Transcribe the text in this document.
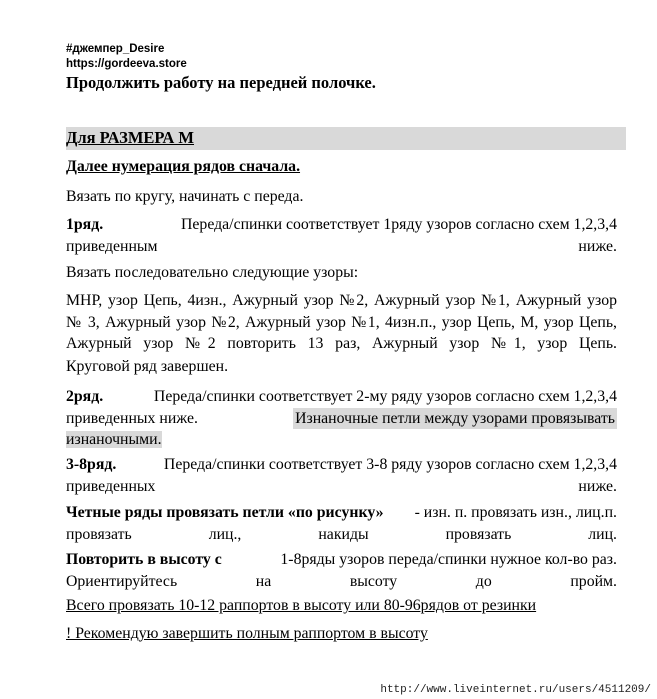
#джемпер_Desire
https://gordeeva.store
Продолжить работу на передней полочке.
Для РАЗМЕРА М
Далее нумерация рядов сначала.
Вязать по кругу, начинать с переда.
1ряд.	Переда/спинки соответствует 1ряду узоров согласно схем 1,2,3,4
приведенным ниже.
Вязать последовательно следующие узоры:
МНР, узор Цепь, 4изн., Ажурный узор №2, Ажурный узор №1, Ажурный узор
№ 3, Ажурный узор №2, Ажурный узор №1, 4изн.п., узор Цепь, М, узор Цепь,
Ажурный узор №2 повторить 13 раз, Ажурный узор №1, узор Цепь.
Круговой ряд завершен.
2ряд.	Переда/спинки соответствует 2-му ряду узоров согласно схем 1,2,3,4
приведенных ниже.	Изнаночные петли между узорами провязывать
изнаночными.
3-8ряд.	Переда/спинки соответствует 3-8 ряду узоров согласно схем 1,2,3,4
приведенных ниже.
Четные ряды провязать петли «по рисунку» - изн. п. провязать изн., лиц.п.
провязать лиц., накиды провязать лиц.
Повторить в высоту с	1-8ряды узоров переда/спинки нужное кол-во раз.
Ориентируйтесь на высоту до пройм.
Всего провязать 10-12 раппортов в высоту или 80-96рядов от резинки
! Рекомендую завершить полным раппортом в высоту
http://www.liveinternet.ru/users/4511209/
